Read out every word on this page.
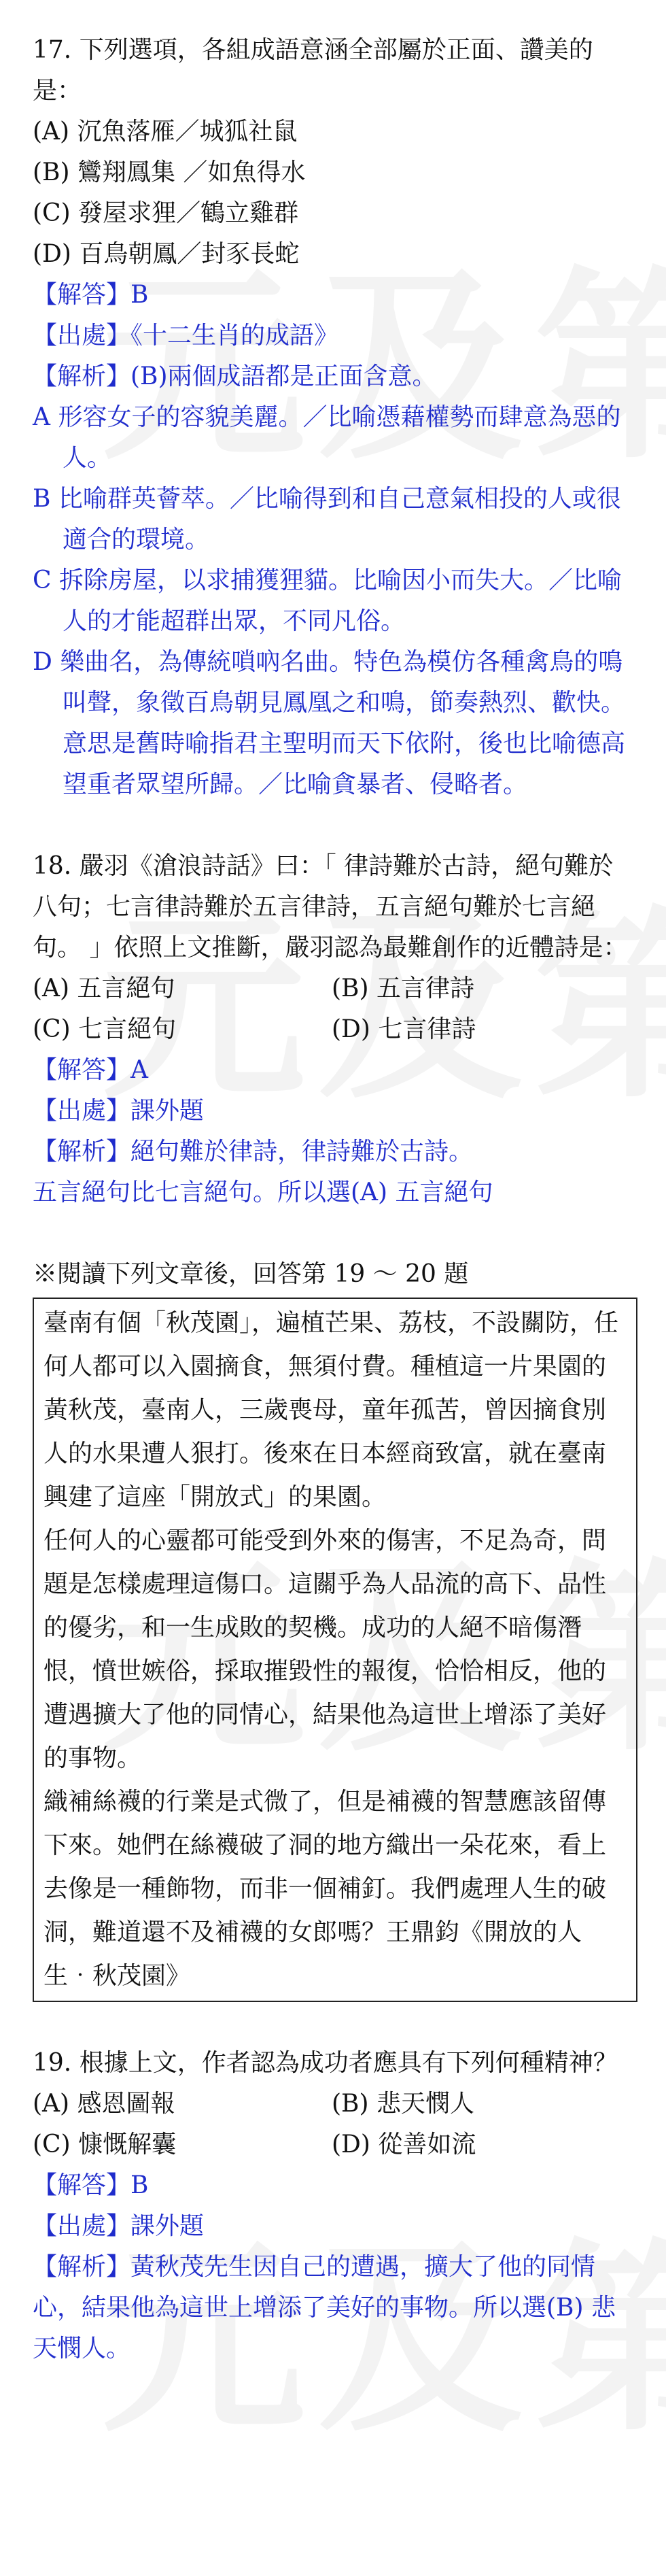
17. 下列選項，各組成語意涵全部屬於正面、讚美的是：
(A) 沉魚落雁／城狐社鼠
(B) 鸞翔鳳集 ／如魚得水
(C) 發屋求狸／鶴立雞群
(D) 百鳥朝鳳／封豕長蛇
【解答】B
【出處】《十二生肖的成語》
【解析】(B)兩個成語都是正面含意。
A 形容女子的容貌美麗。／比喻憑藉權勢而肆意為惡的人。
B 比喻群英薈萃。／比喻得到和自己意氣相投的人或很適合的環境。
C 拆除房屋，以求捕獲狸貓。比喻因小而失大。／比喻人的才能超群出眾，不同凡俗。
D 樂曲名，為傳統嗩吶名曲。特色為模仿各種禽鳥的鳴叫聲，象徵百鳥朝見鳳凰之和鳴，節奏熱烈、歡快。意思是舊時喻指君主聖明而天下依附，後也比喻德高望重者眾望所歸。／比喻貪暴者、侵略者。
18. 嚴羽《滄浪詩話》曰：「 律詩難於古詩，絕句難於八句；七言律詩難於五言律詩，五言絕句難於七言絕句。 」依照上文推斷，嚴羽認為最難創作的近體詩是：
(A) 五言絕句	(B) 五言律詩
(C) 七言絕句	(D) 七言律詩
【解答】A
【出處】課外題
【解析】絕句難於律詩，律詩難於古詩。
五言絕句比七言絕句。所以選(A) 五言絕句
※閱讀下列文章後，回答第 19 ～ 20 題

臺南有個「秋茂園」，遍植芒果、荔枝，不設關防，任何人都可以入園摘食，無須付費。種植這一片果園的黃秋茂，臺南人，三歲喪母，童年孤苦，曾因摘食別人的水果遭人狠打。後來在日本經商致富，就在臺南興建了這座「開放式」的果園。

任何人的心靈都可能受到外來的傷害，不足為奇，問題是怎樣處理這傷口。這關乎為人品流的高下、品性的優劣，和一生成敗的契機。成功的人絕不暗傷潛恨，憤世嫉俗，採取摧毀性的報復，恰恰相反，他的遭遇擴大了他的同情心，結果他為這世上增添了美好的事物。

織補絲襪的行業是式微了，但是補襪的智慧應該留傳下來。她們在絲襪破了洞的地方織出一朵花來，看上去像是一種飾物，而非一個補釘。我們處理人生的破洞，難道還不及補襪的女郎嗎？王鼎鈞《開放的人生‧秋茂園》

19. 根據上文，作者認為成功者應具有下列何種精神？
(A) 感恩圖報	(B) 悲天憫人
(C) 慷慨解囊	(D) 從善如流
【解答】B
【出處】課外題
【解析】黃秋茂先生因自己的遭遇，擴大了他的同情心，結果他為這世上增添了美好的事物。所以選(B) 悲天憫人。
